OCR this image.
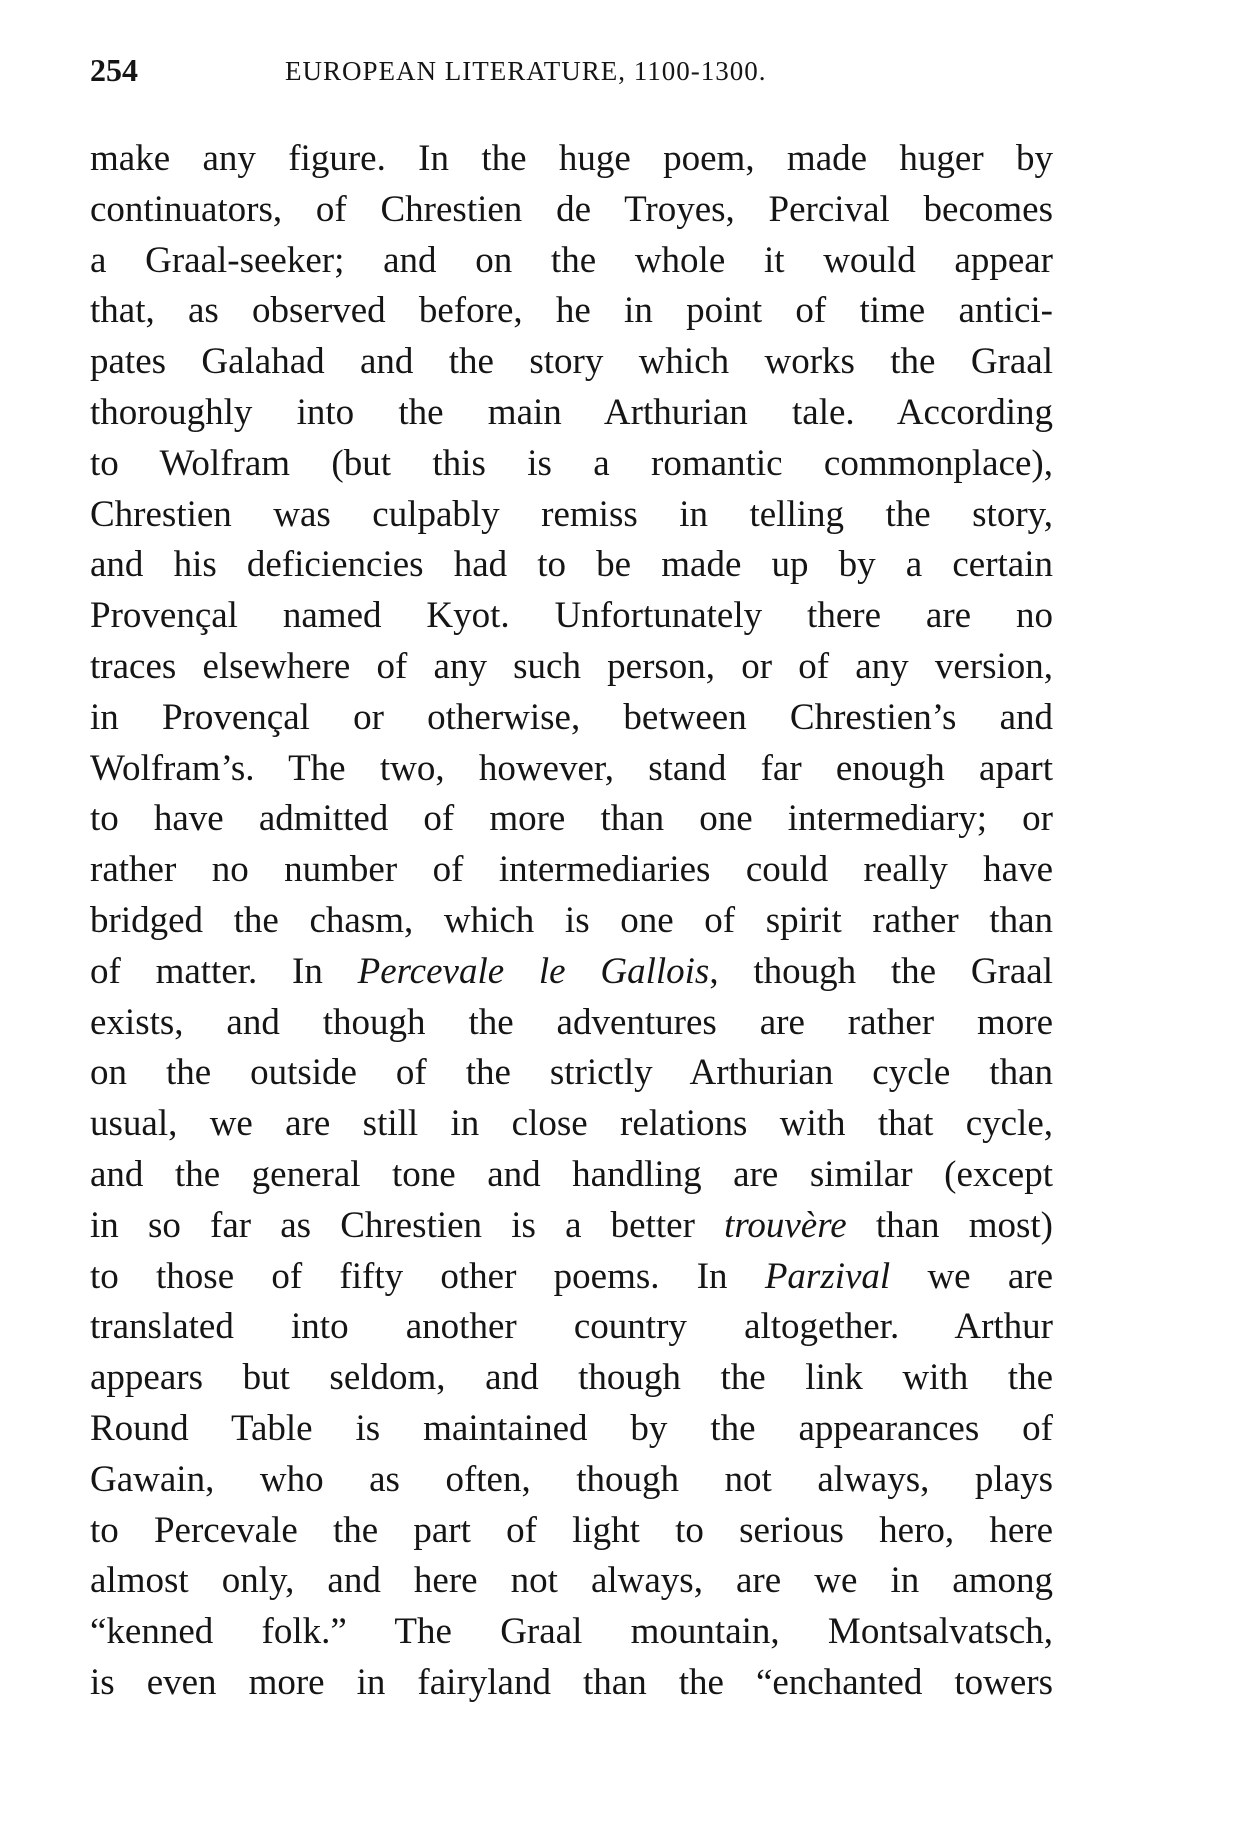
254	EUROPEAN LITERATURE, 1100-1300.
make any figure. In the huge poem, made huger by
continuators, of Chrestien de Troyes, Percival becomes
a Graal-seeker; and on the whole it would appear
that, as observed before, he in point of time antici-
pates Galahad and the story which works the Graal
thoroughly into the main Arthurian tale. According
to Wolfram (but this is a romantic commonplace),
Chrestien was culpably remiss in telling the story,
and his deficiencies had to be made up by a certain
Provençal named Kyot. Unfortunately there are no
traces elsewhere of any such person, or of any version,
in Provençal or otherwise, between Chrestien’s and
Wolfram’s. The two, however, stand far enough apart
to have admitted of more than one intermediary; or
rather no number of intermediaries could really have
bridged the chasm, which is one of spirit rather than
of matter. In Percevale le Gallois, though the Graal
exists, and though the adventures are rather more
on the outside of the strictly Arthurian cycle than
usual, we are still in close relations with that cycle,
and the general tone and handling are similar (except
in so far as Chrestien is a better trouvère than most)
to those of fifty other poems. In Parzival we are
translated into another country altogether. Arthur
appears but seldom, and though the link with the
Round Table is maintained by the appearances of
Gawain, who as often, though not always, plays
to Percevale the part of light to serious hero, here
almost only, and here not always, are we in among
“kenned folk.” The Graal mountain, Montsalvatsch,
is even more in fairyland than the “enchanted towers
